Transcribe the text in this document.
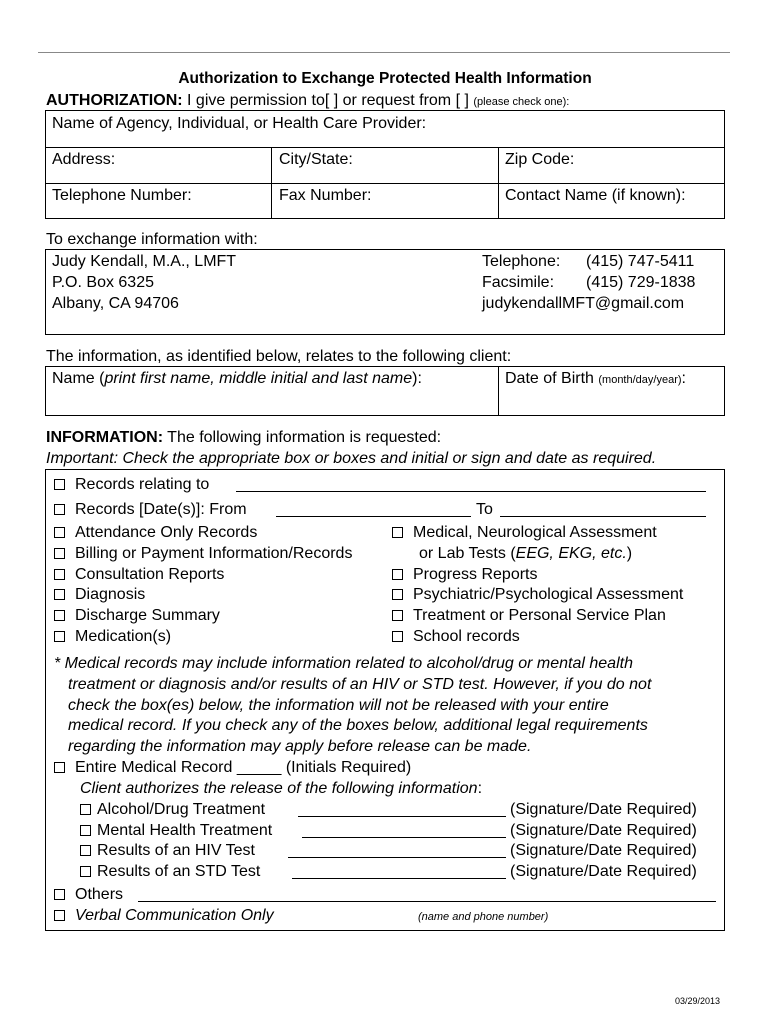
Authorization to Exchange Protected Health Information
AUTHORIZATION: I give permission to[ ] or request from [ ] (please check one):
Name of Agency, Individual, or Health Care Provider:
Address:	City/State:	Zip Code:
Telephone Number:	Fax Number:	Contact Name (if known):
To exchange information with:
Judy Kendall, M.A., LMFT
P.O. Box 6325
Albany, CA 94706
Telephone: (415) 747-5411
Facsimile: (415) 729-1838
judykendallMFT@gmail.com
The information, as identified below, relates to the following client:
Name (print first name, middle initial and last name):	Date of Birth (month/day/year):
INFORMATION: The following information is requested:
Important: Check the appropriate box or boxes and initial or sign and date as required.
Records relating to
Records [Date(s)]: From	To
Attendance Only Records
Billing or Payment Information/Records
Consultation Reports
Diagnosis
Discharge Summary
Medication(s)
Medical, Neurological Assessment
or Lab Tests (EEG, EKG, etc.)
Progress Reports
Psychiatric/Psychological Assessment
Treatment or Personal Service Plan
School records
* Medical records may include information related to alcohol/drug or mental health
treatment or diagnosis and/or results of an HIV or STD test. However, if you do not
check the box(es) below, the information will not be released with your entire
medical record. If you check any of the boxes below, additional legal requirements
regarding the information may apply before release can be made.
Entire Medical Record _____ (Initials Required)
Client authorizes the release of the following information:
Alcohol/Drug Treatment	(Signature/Date Required)
Mental Health Treatment	(Signature/Date Required)
Results of an HIV Test	(Signature/Date Required)
Results of an STD Test	(Signature/Date Required)
Others
Verbal Communication Only	(name and phone number)
03/29/2013
